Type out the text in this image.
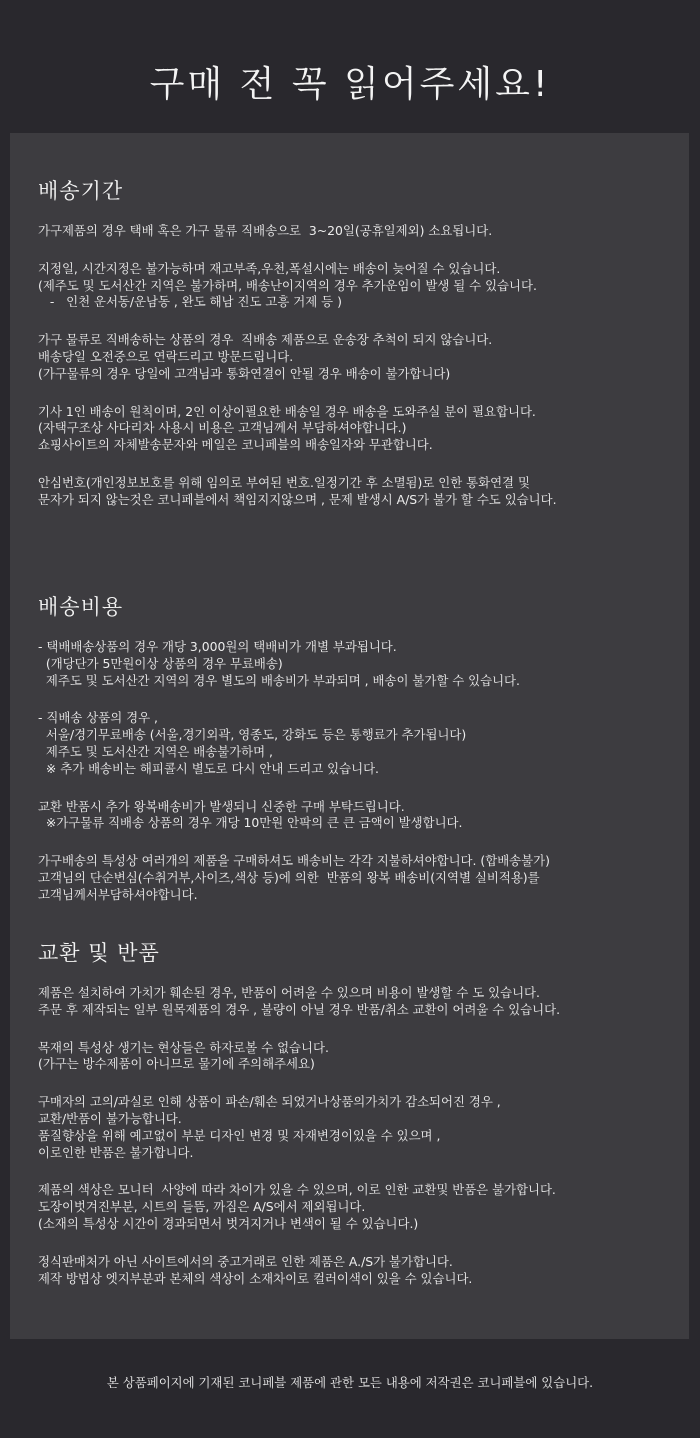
구매 전 꼭 읽어주세요!
배송기간
가구제품의 경우 택배 혹은 가구 물류 직배송으로  3~20일(공휴일제외) 소요됩니다.
지정일, 시간지정은 불가능하며 재고부족,우천,폭설시에는 배송이 늦어질 수 있습니다.
(제주도 및 도서산간 지역은 불가하며, 배송난이지역의 경우 추가운임이 발생 될 수 있습니다.
-   인천 운서동/운남동 , 완도 해남 진도 고흥 거제 등 )
가구 물류로 직배송하는 상품의 경우  직배송 제품으로 운송장 추척이 되지 않습니다.
배송당일 오전중으로 연락드리고 방문드립니다.
(가구물류의 경우 당일에 고객님과 통화연결이 안될 경우 배송이 불가합니다)
기사 1인 배송이 원칙이며, 2인 이상이필요한 배송일 경우 배송을 도와주실 분이 필요합니다.
(자택구조상 사다리차 사용시 비용은 고객님께서 부담하셔야합니다.)
쇼핑사이트의 자체발송문자와 메일은 코니페블의 배송일자와 무관합니다.
안심번호(개인정보보호를 위해 임의로 부여된 번호.일정기간 후 소멸됨)로 인한 통화연결 및
문자가 되지 않는것은 코니페블에서 책임지지않으며 , 문제 발생시 A/S가 불가 할 수도 있습니다.
배송비용
- 택배배송상품의 경우 개당 3,000원의 택배비가 개별 부과됩니다.
(개당단가 5만원이상 상품의 경우 무료배송)
제주도 및 도서산간 지역의 경우 별도의 배송비가 부과되며 , 배송이 불가할 수 있습니다.
- 직배송 상품의 경우 ,
서울/경기무료배송 (서울,경기외곽, 영종도, 강화도 등은 통행료가 추가됩니다)
제주도 및 도서산간 지역은 배송불가하며 ,
※ 추가 배송비는 해피콜시 별도로 다시 안내 드리고 있습니다.
교환 반품시 추가 왕복배송비가 발생되니 신중한 구매 부탁드립니다.
※가구물류 직배송 상품의 경우 개당 10만원 안팍의 큰 큰 금액이 발생합니다.
가구배송의 특성상 여러개의 제품을 구매하셔도 배송비는 각각 지불하셔야합니다. (합배송불가)
고객님의 단순변심(수취거부,사이즈,색상 등)에 의한  반품의 왕복 배송비(지역별 실비적용)를
고객님께서부담하셔야합니다.
교환 및 반품
제품은 설치하여 가치가 훼손된 경우, 반품이 어려울 수 있으며 비용이 발생할 수 도 있습니다.
주문 후 제작되는 일부 원목제품의 경우 , 불량이 아닐 경우 반품/취소 교환이 어려울 수 있습니다.
목재의 특성상 생기는 현상들은 하자로볼 수 없습니다.
(가구는 방수제품이 아니므로 물기에 주의해주세요)
구매자의 고의/과실로 인해 상품이 파손/훼손 되었거나상품의가치가 감소되어진 경우 ,
교환/반품이 불가능합니다.
품질향상을 위해 예고없이 부분 디자인 변경 및 자재변경이있을 수 있으며 ,
이로인한 반품은 불가합니다.
제품의 색상은 모니터  사양에 따라 차이가 있을 수 있으며, 이로 인한 교환및 반품은 불가합니다.
도장이벗겨진부분, 시트의 들뜸, 까짐은 A/S에서 제외됩니다.
(소재의 특성상 시간이 경과되면서 벗겨지거나 변색이 될 수 있습니다.)
정식판매처가 아닌 사이트에서의 중고거래로 인한 제품은 A./S가 불가합니다.
제작 방법상 엣지부분과 본체의 색상이 소재차이로 컬러이색이 있을 수 있습니다.
본 상품페이지에 기재된 코니페블 제품에 관한 모든 내용에 저작권은 코니페블에 있습니다.
